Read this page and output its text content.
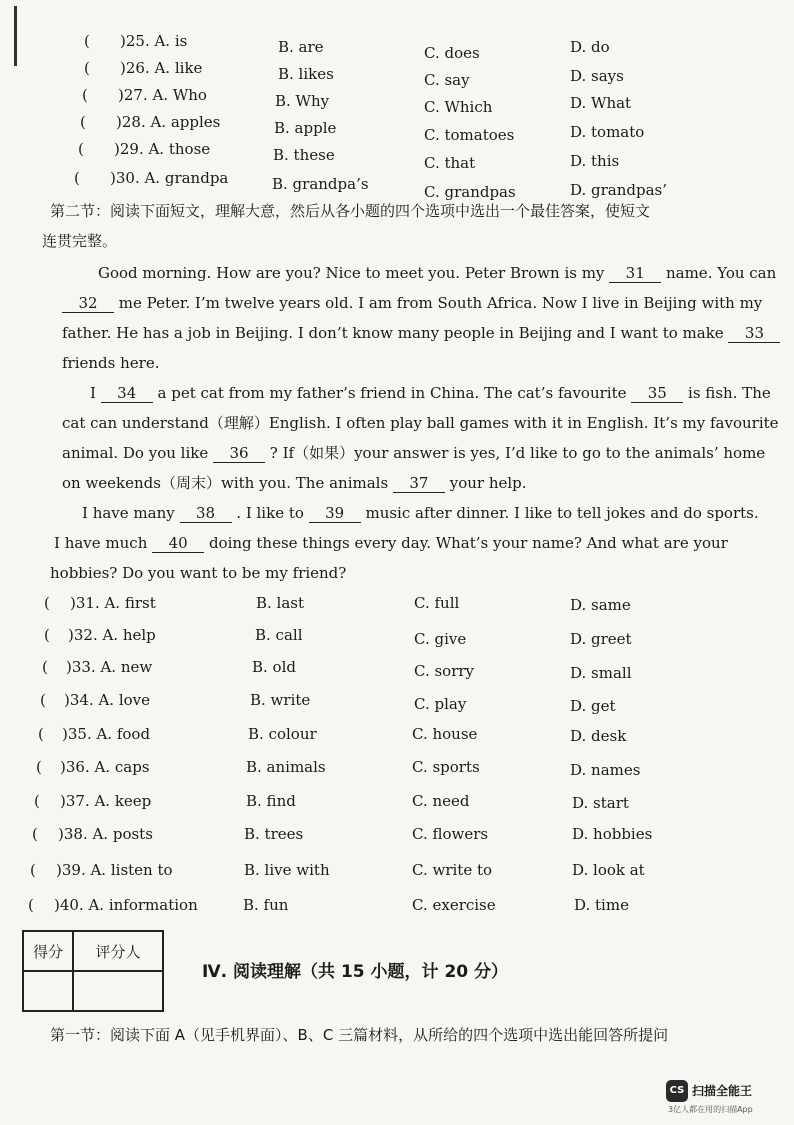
( )25. A. is	B. are	C. does	D. do
( )26. A. like	B. likes	C. say	D. says
( )27. A. Who	B. Why	C. Which	D. What
( )28. A. apples	B. apple	C. tomatoes	D. tomato
( )29. A. those	B. these	C. that	D. this
( )30. A. grandpa	B. grandpa’s	C. grandpas	D. grandpas’
第二节：阅读下面短文，理解大意，然后从各小题的四个选项中选出一个最佳答案，使短文
连贯完整。
Good morning. How are you? Nice to meet you. Peter Brown is my 31 name. You can
32 me Peter. I’m twelve years old. I am from South Africa. Now I live in Beijing with my
father. He has a job in Beijing. I don’t know many people in Beijing and I want to make 33
friends here.
I 34 a pet cat from my father’s friend in China. The cat’s favourite 35 is fish. The
cat can understand（理解）English. I often play ball games with it in English. It’s my favourite
animal. Do you like 36 ? If（如果）your answer is yes, I’d like to go to the animals’ home
on weekends（周末）with you. The animals 37 your help.
I have many 38 . I like to 39 music after dinner. I like to tell jokes and do sports.
I have much 40 doing these things every day. What’s your name? And what are your
hobbies? Do you want to be my friend?
( )31. A. first	B. last	C. full	D. same
( )32. A. help	B. call	C. give	D. greet
( )33. A. new	B. old	C. sorry	D. small
( )34. A. love	B. write	C. play	D. get
( )35. A. food	B. colour	C. house	D. desk
( )36. A. caps	B. animals	C. sports	D. names
( )37. A. keep	B. find	C. need	D. start
( )38. A. posts	B. trees	C. flowers	D. hobbies
( )39. A. listen to	B. live with	C. write to	D. look at
( )40. A. information	B. fun	C. exercise	D. time
得分	评分人

Ⅳ. 阅读理解（共 15 小题，计 20 分）
第一节：阅读下面 A（见手机界面）、B、C 三篇材料，从所给的四个选项中选出能回答所提问
CS 扫描全能王
3亿人都在用的扫描App
